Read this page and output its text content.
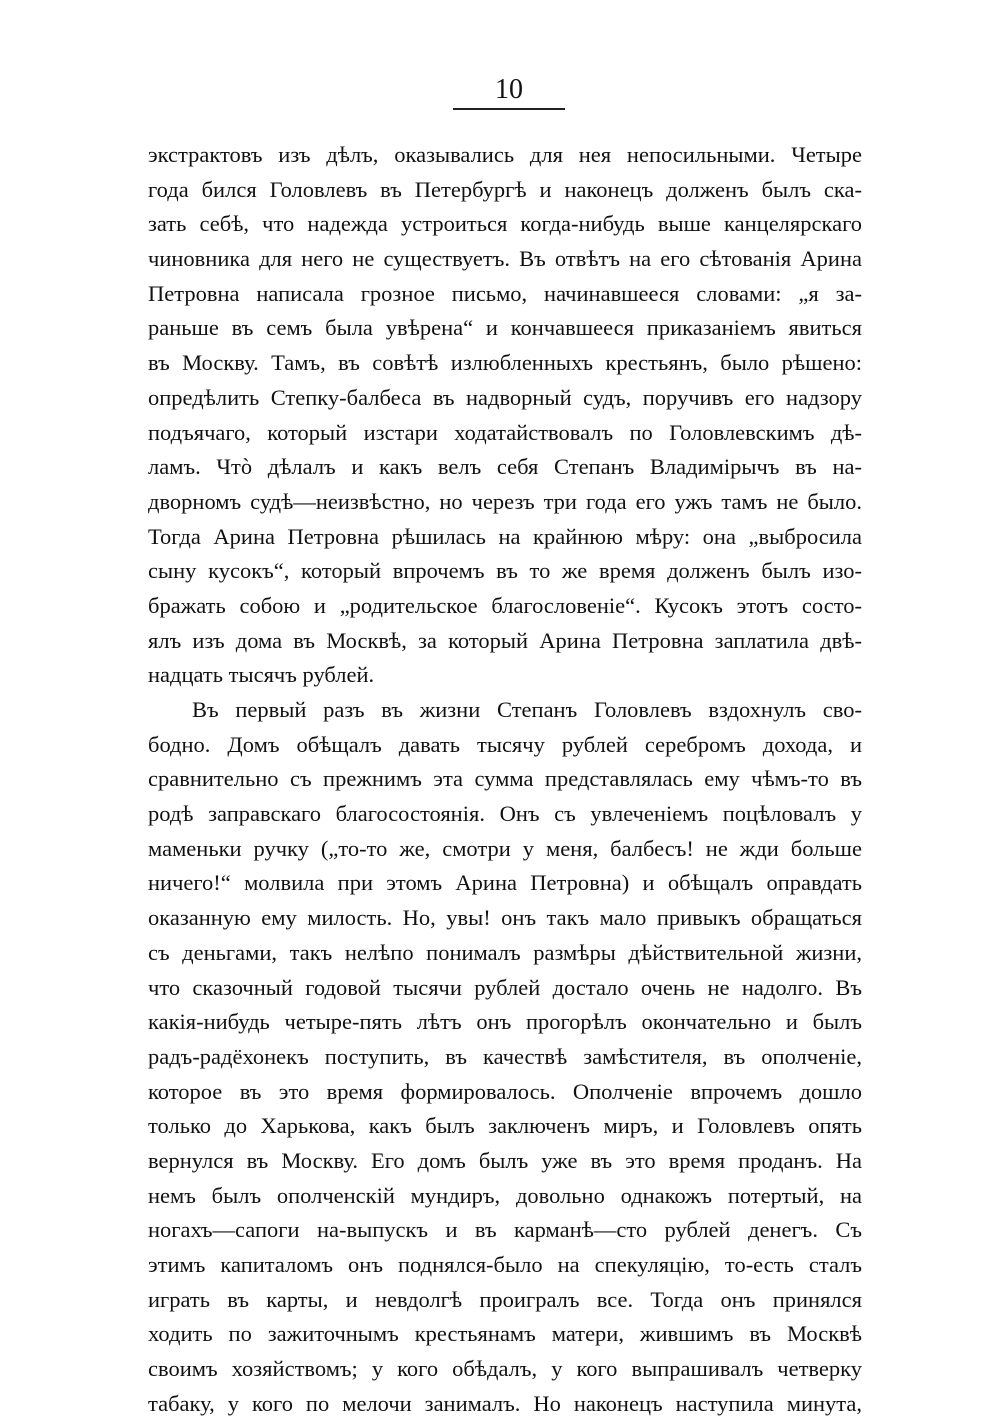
10
экстрактовъ изъ дѣлъ, оказывались для нея непосильными. Четыре
года бился Головлевъ въ Петербургѣ и наконецъ долженъ былъ ска-
зать себѣ, что надежда устроиться когда-нибудь выше канцелярскаго
чиновника для него не существуетъ. Въ отвѣтъ на его сѣтованія Арина
Петровна написала грозное письмо, начинавшееся словами: „я за-
раньше въ семъ была увѣрена“ и кончавшееся приказаніемъ явиться
въ Москву. Тамъ, въ совѣтѣ излюбленныхъ крестьянъ, было рѣшено:
опредѣлить Степку-балбеса въ надворный судъ, поручивъ его надзору
подъячаго, который изстари ходатайствовалъ по Головлевскимъ дѣ-
ламъ. Чтò дѣлалъ и какъ велъ себя Степанъ Владимірычъ въ на-
дворномъ судѣ—неизвѣстно, но черезъ три года его ужъ тамъ не было.
Тогда Арина Петровна рѣшилась на крайнюю мѣру: она „выбросила
сыну кусокъ“, который впрочемъ въ то же время долженъ былъ изо-
бражать собою и „родительское благословеніе“. Кусокъ этотъ состо-
ялъ изъ дома въ Москвѣ, за который Арина Петровна заплатила двѣ-
надцать тысячъ рублей.
Въ первый разъ въ жизни Степанъ Головлевъ вздохнулъ сво-
бодно. Домъ обѣщалъ давать тысячу рублей серебромъ дохода, и
сравнительно съ прежнимъ эта сумма представлялась ему чѣмъ-то въ
родѣ заправскаго благосостоянія. Онъ съ увлеченіемъ поцѣловалъ у
маменьки ручку („то-то же, смотри у меня, балбесъ! не жди больше
ничего!“ молвила при этомъ Арина Петровна) и обѣщалъ оправдать
оказанную ему милость. Но, увы! онъ такъ мало привыкъ обращаться
съ деньгами, такъ нелѣпо понималъ размѣры дѣйствительной жизни,
что сказочный годовой тысячи рублей достало очень не надолго. Въ
какія-нибудь четыре-пять лѣтъ онъ прогорѣлъ окончательно и былъ
радъ-радёхонекъ поступить, въ качествѣ замѣстителя, въ ополченіе,
которое въ это время формировалось. Ополченіе впрочемъ дошло
только до Харькова, какъ былъ заключенъ миръ, и Головлевъ опять
вернулся въ Москву. Его домъ былъ уже въ это время проданъ. На
немъ былъ ополченскій мундиръ, довольно однакожъ потертый, на
ногахъ—сапоги на-выпускъ и въ карманѣ—сто рублей денегъ. Съ
этимъ капиталомъ онъ поднялся-было на спекуляцію, то-есть сталъ
играть въ карты, и невдолгѣ проигралъ все. Тогда онъ принялся
ходить по зажиточнымъ крестьянамъ матери, жившимъ въ Москвѣ
своимъ хозяйствомъ; у кого обѣдалъ, у кого выпрашивалъ четверку
табаку, у кого по мелочи занималъ. Но наконецъ наступила минута,
